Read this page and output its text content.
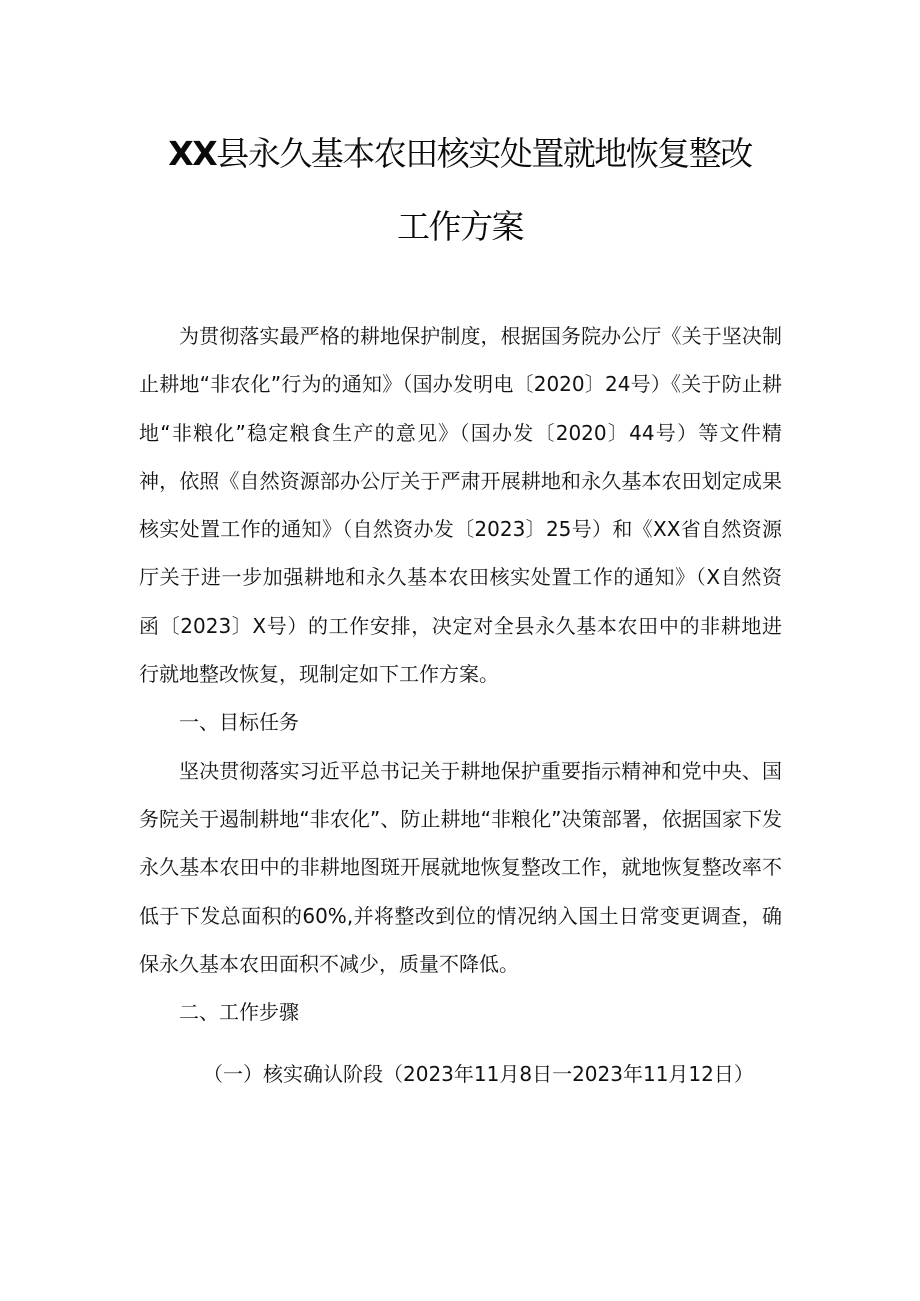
XX县永久基本农田核实处置就地恢复整改
工作方案

为贯彻落实最严格的耕地保护制度，根据国务院办公厅《关于坚决制止耕地“非农化”行为的通知》（国办发明电〔2020〕24号）《关于防止耕地“非粮化”稳定粮食生产的意见》（国办发〔2020〕44号）等文件精神，依照《自然资源部办公厅关于严肃开展耕地和永久基本农田划定成果核实处置工作的通知》（自然资办发〔2023〕25号）和《XX省自然资源厅关于进一步加强耕地和永久基本农田核实处置工作的通知》（X自然资函〔2023〕X号）的工作安排，决定对全县永久基本农田中的非耕地进行就地整改恢复，现制定如下工作方案。

一、目标任务

坚决贯彻落实习近平总书记关于耕地保护重要指示精神和党中央、国务院关于遏制耕地“非农化”、防止耕地“非粮化”决策部署，依据国家下发永久基本农田中的非耕地图斑开展就地恢复整改工作，就地恢复整改率不低于下发总面积的60%,并将整改到位的情况纳入国土日常变更调查，确保永久基本农田面积不减少，质量不降低。

二、工作步骤

（一）核实确认阶段（2023年11月8日一2023年11月12日）
